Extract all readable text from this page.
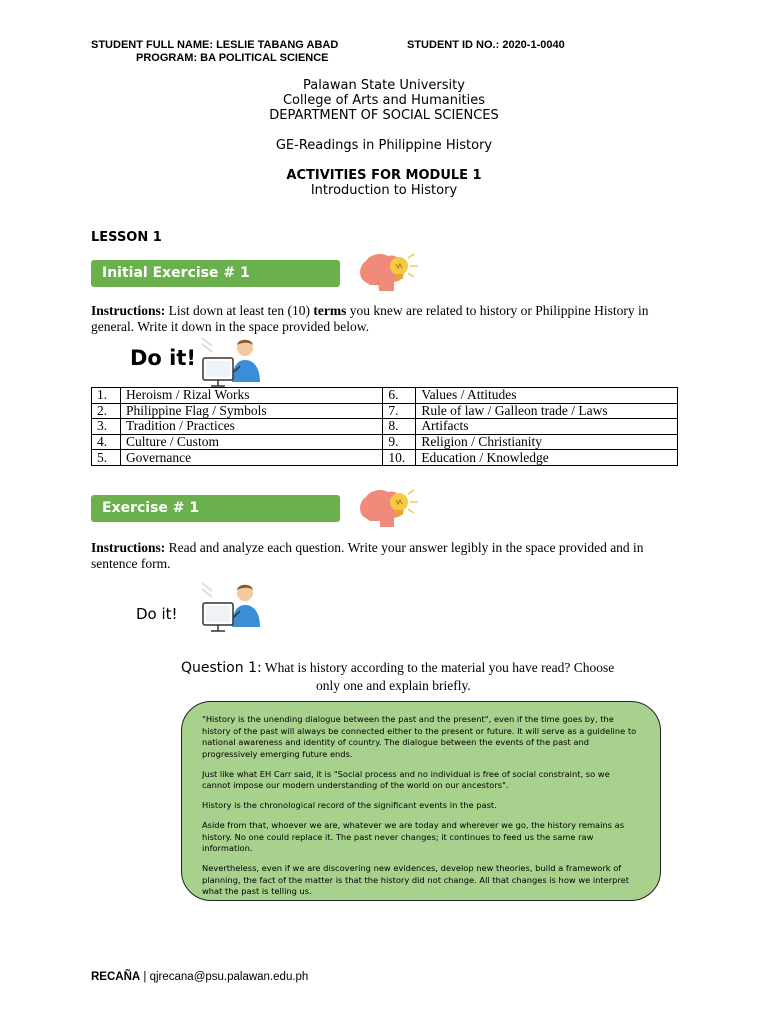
STUDENT FULL NAME: LESLIE TABANG ABAD	STUDENT ID NO.: 2020-1-0040
PROGRAM: BA POLITICAL SCIENCE
Palawan State University
College of Arts and Humanities
DEPARTMENT OF SOCIAL SCIENCES
GE-Readings in Philippine History
ACTIVITIES FOR MODULE 1
Introduction to History
LESSON 1
Initial Exercise # 1
Instructions: List down at least ten (10) terms you knew are related to history or Philippine History in general. Write it down in the space provided below.
Do it!
1.	Heroism / Rizal Works	6.	Values / Attitudes
2.	Philippine Flag / Symbols	7.	Rule of law / Galleon trade / Laws
3.	Tradition / Practices	8.	Artifacts
4.	Culture / Custom	9.	Religion / Christianity
5.	Governance	10.	Education / Knowledge
Exercise # 1
Instructions: Read and analyze each question. Write your answer legibly in the space provided and in sentence form.
Do it!
Question 1: What is history according to the material you have read? Choose
only one and explain briefly.

"History is the unending dialogue between the past and the present", even if the time goes by, the history of the past will always be connected either to the present or future. It will serve as a guideline to national awareness and identity of country. The dialogue between the events of the past and progressively emerging future ends.

Just like what EH Carr said, it is "Social process and no individual is free of social constraint, so we cannot impose our modern understanding of the world on our ancestors".

History is the chronological record of the significant events in the past.

Aside from that, whoever we are, whatever we are today and wherever we go, the history remains as history. No one could replace it. The past never changes; it continues to feed us the same raw information.

Nevertheless, even if we are discovering new evidences, develop new theories, build a framework of planning, the fact of the matter is that the history did not change. All that changes is how we interpret what the past is telling us.

RECAÑA | qjrecana@psu.palawan.edu.ph
